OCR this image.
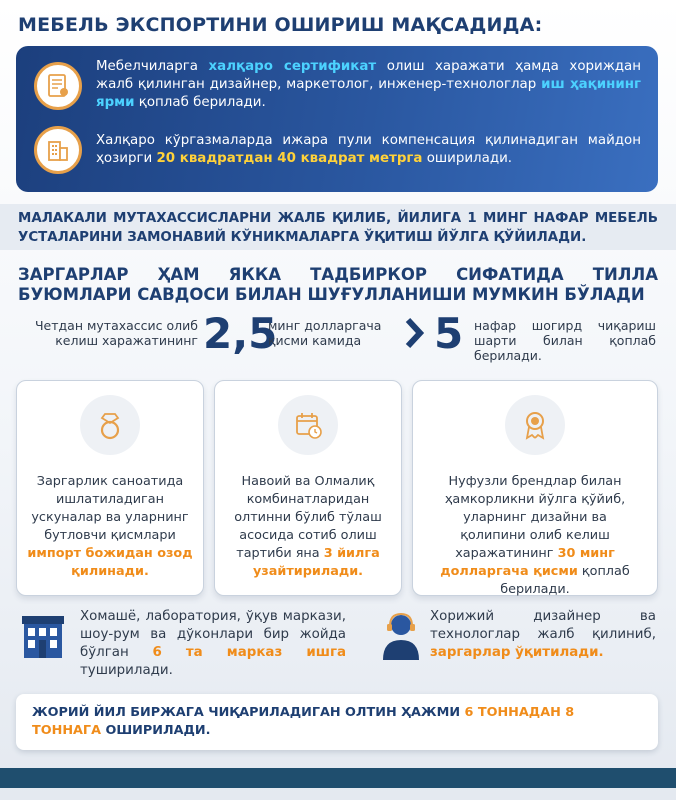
МЕБЕЛЬ ЭКСПОРТИНИ ОШИРИШ МАҚСАДИДА:
Мебелчиларга халқаро сертификат олиш харажати ҳамда хориждан жалб қилинган дизайнер, маркетолог, инженер-технологлар иш ҳақининг ярми қоплаб берилади.
Халқаро кўргазмаларда ижара пули компенсация қилинадиган майдон ҳозирги 20 квадратдан 40 квадрат метрга оширилади.
МАЛАКАЛИ МУТАХАССИСЛАРНИ ЖАЛБ ҚИЛИБ, ЙИЛИГА 1 МИНГ НАФАР МЕБЕЛЬ УСТАЛАРИНИ ЗАМОНАВИЙ КЎНИКМАЛАРГА ЎҚИТИШ ЙЎЛГА ҚЎЙИЛАДИ.
ЗАРГАРЛАР ҲАМ ЯККА ТАДБИРКОР СИФАТИДА ТИЛЛА БУЮМЛАРИ САВДОСИ БИЛАН ШУҒУЛЛАНИШИ МУМКИН БЎЛАДИ
Четдан мутахассис олиб келиш харажатининг 2,5
минг долларгача қисми камида	5 нафар шогирд чиқариш шарти билан қоплаб берилади.
Заргарлик саноатида ишлатиладиган ускуналар ва уларнинг бутловчи қисмлари импорт божидан озод қилинади.
Навоий ва Олмалиқ комбинатларидан олтинни бўлиб тўлаш асосида сотиб олиш тартиби яна 3 йилга узайтирилади.
Нуфузли брендлар билан ҳамкорликни йўлга қўйиб, уларнинг дизайни ва қолипини олиб келиш харажатининг 30 минг долларгача қисми қоплаб берилади.
Хомашё, лаборатория, ўқув маркази, шоу-рум ва дўконлари бир жойда бўлган 6 та марказ ишга туширилади.
Хорижий дизайнер ва технологлар жалб қилиниб, заргарлар ўқитилади.
ЖОРИЙ ЙИЛ БИРЖАГА ЧИҚАРИЛАДИГАН ОЛТИН ҲАЖМИ 6 ТОННАДАН 8 ТОННАГА ОШИРИЛАДИ.
